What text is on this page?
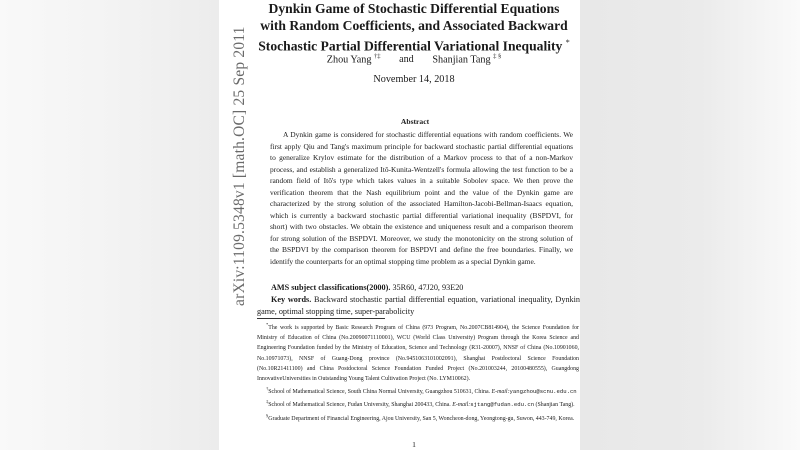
arXiv:1109.5348v1 [math.OC] 25 Sep 2011
Dynkin Game of Stochastic Differential Equations
with Random Coefficients, and Associated Backward
Stochastic Partial Differential Variational Inequality *
Zhou Yang †‡ and Shanjian Tang ‡ §
November 14, 2018
Abstract
A Dynkin game is considered for stochastic differential equations with random coefficients. We first apply Qiu and Tang's maximum principle for backward stochastic partial differential equations to generalize Krylov estimate for the distribution of a Markov process to that of a non-Markov process, and establish a generalized Itô-Kunita-Wentzell's formula allowing the test function to be a random field of Itô's type which takes values in a suitable Sobolev space. We then prove the verification theorem that the Nash equilibrium point and the value of the Dynkin game are characterized by the strong solution of the associated Hamilton-Jacobi-Bellman-Isaacs equation, which is currently a backward stochastic partial differential variational inequality (BSPDVI, for short) with two obstacles. We obtain the existence and uniqueness result and a comparison theorem for strong solution of the BSPDVI. Moreover, we study the monotonicity on the strong solution of the BSPDVI by the comparison theorem for BSPDVI and define the free boundaries. Finally, we identify the counterparts for an optimal stopping time problem as a special Dynkin game.
AMS subject classifications(2000). 35R60, 47J20, 93E20
Key words. Backward stochastic partial differential equation, variational inequality, Dynkin game, optimal stopping time, super-parabolicity

*The work is supported by Basic Research Program of China (973 Program, No.2007CB814904), the Science Foundation for Ministry of Education of China (No.20090071110001), WCU (World Class University) Program through the Korea Science and Engineering Foundation funded by the Ministry of Education, Science and Technology (R31-20007), NNSF of China (No.10901060, No.10971073), NNSF of Guang-Dong province (No.9451063101002091), Shanghai Postdoctoral Science Foundation (No.10R21411100) and China Postdoctoral Science Foundation Funded Project (No.201003244, 20100480555), Guangdong InnovativeUniversities in Outstanding Young Talent Cultivation Project (No. LYM10062).

†School of Mathematical Science, South China Normal University, Guangzhou 510631, China. E-mail:yangzhou@scnu.edu.cn

‡School of Mathematical Science, Fudan University, Shanghai 200433, China. E-mail:sjtang@fudan.edu.cn (Shanjian Tang).

§Graduate Department of Financial Engineering, Ajou University, San 5, Woncheon-dong, Yeongtong-gu, Suwon, 443-749, Korea.

1
